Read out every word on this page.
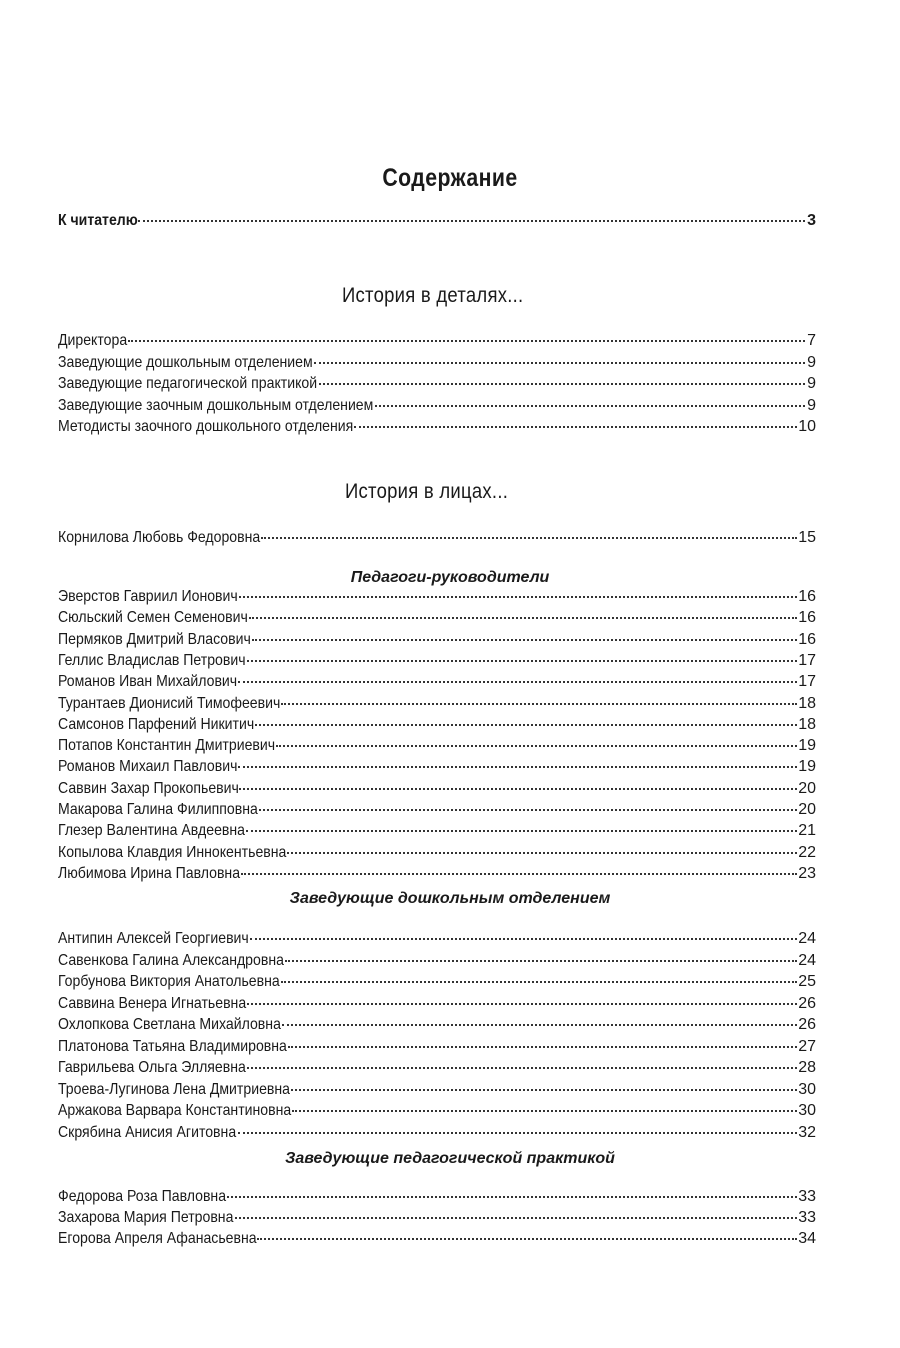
Содержание
К читателю	3
История в деталях...
Директора	7
Заведующие дошкольным отделением	9
Заведующие педагогической практикой	9
Заведующие заочным дошкольным отделением	9
Методисты заочного дошкольного отделения	10
История в лицах...
Корнилова Любовь Федоровна	15
Педагоги-руководители
Эверстов Гавриил Ионович	16
Сюльский Семен Семенович	16
Пермяков Дмитрий Власович	16
Геллис Владислав Петрович	17
Романов Иван Михайлович	17
Турантаев Дионисий Тимофеевич	18
Самсонов Парфений Никитич	18
Потапов Константин Дмитриевич	19
Романов Михаил Павлович	19
Саввин Захар Прокопьевич	20
Макарова Галина Филипповна	20
Глезер Валентина Авдеевна	21
Копылова Клавдия Иннокентьевна	22
Любимова Ирина Павловна	23
Заведующие дошкольным отделением
Антипин Алексей Георгиевич	24
Савенкова Галина Александровна	24
Горбунова Виктория Анатольевна	25
Саввина Венера Игнатьевна	26
Охлопкова Светлана Михайловна	26
Платонова Татьяна Владимировна	27
Гаврильева Ольга Элляевна	28
Троева-Лугинова Лена Дмитриевна	30
Аржакова Варвара Константиновна	30
Скрябина Анисия Агитовна	32
Заведующие педагогической практикой
Федорова Роза Павловна	33
Захарова Мария Петровна	33
Егорова Апреля Афанасьевна	34
